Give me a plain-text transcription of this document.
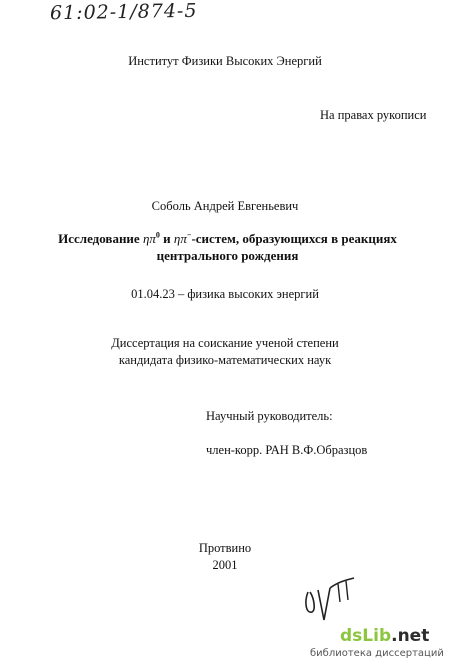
61:02-1/874-5
Институт Физики Высоких Энергий
На правах рукописи
Соболь Андрей Евгеньевич
Исследование $\eta\pi^0$ и ηπ−-систем, образующихся в реакциях центрального рождения
01.04.23 – физика высоких энергий
Диссертация на соискание ученой степени
кандидата физико-математических наук
Научный руководитель:
член-корр. РАН В.Ф.Образцов
Протвино
2001
dsLib.net
библиотека диссертаций
